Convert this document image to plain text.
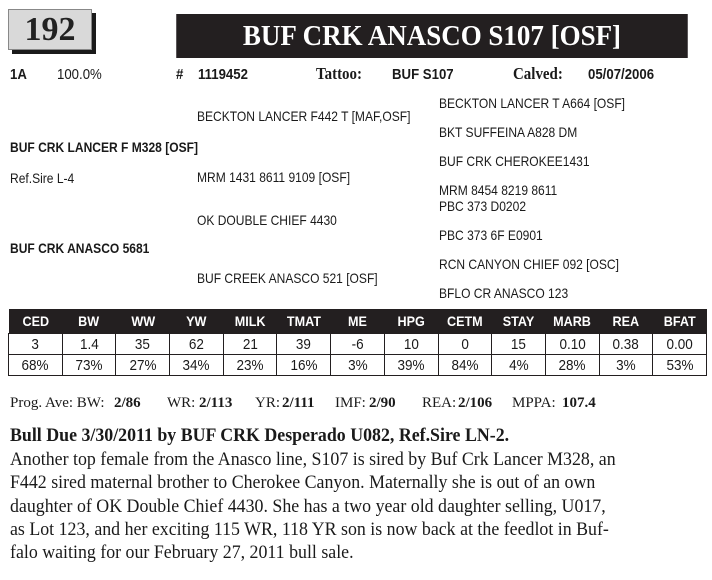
192	BUF CRK ANASCO S107 [OSF]
1A 100.0%	# 1119452	Tattoo: BUF S107	Calved: 05/07/2006
BECKTON LANCER T A664 [OSF]
BECKTON LANCER F442 T [MAF,OSF]
BKT SUFFEINA A828 DM
BUF CRK LANCER F M328 [OSF]
BUF CRK CHEROKEE1431
Ref.Sire L-4	MRM 1431 8611 9109 [OSF]
MRM 8454 8219 8611
PBC 373 D0202
OK DOUBLE CHIEF 4430
PBC 373 6F E0901
BUF CRK ANASCO 5681
RCN CANYON CHIEF 092 [OSC]
BUF CREEK ANASCO 521 [OSF]
BFLO CR ANASCO 123
CED	BW	WW	YW	MILK	TMAT	ME	HPG	CETM	STAY	MARB	REA	BFAT
3	1.4	35	62	21	39	-6	10	0	15	0.10	0.38	0.00
68%	73%	27%	34%	23%	16%	3%	39%	84%	4%	28%	3%	53%
Prog. Ave: BW: 2/86 WR: 2/113 YR: 2/111 IMF: 2/90 REA: 2/106 MPPA: 107.4
Bull Due 3/30/2011 by BUF CRK Desperado U082, Ref.Sire LN-2.
Another top female from the Anasco line, S107 is sired by Buf Crk Lancer M328, an
F442 sired maternal brother to Cherokee Canyon. Maternally she is out of an own
daughter of OK Double Chief 4430. She has a two year old daughter selling, U017,
as Lot 123, and her exciting 115 WR, 118 YR son is now back at the feedlot in Buf-
falo waiting for our February 27, 2011 bull sale.
